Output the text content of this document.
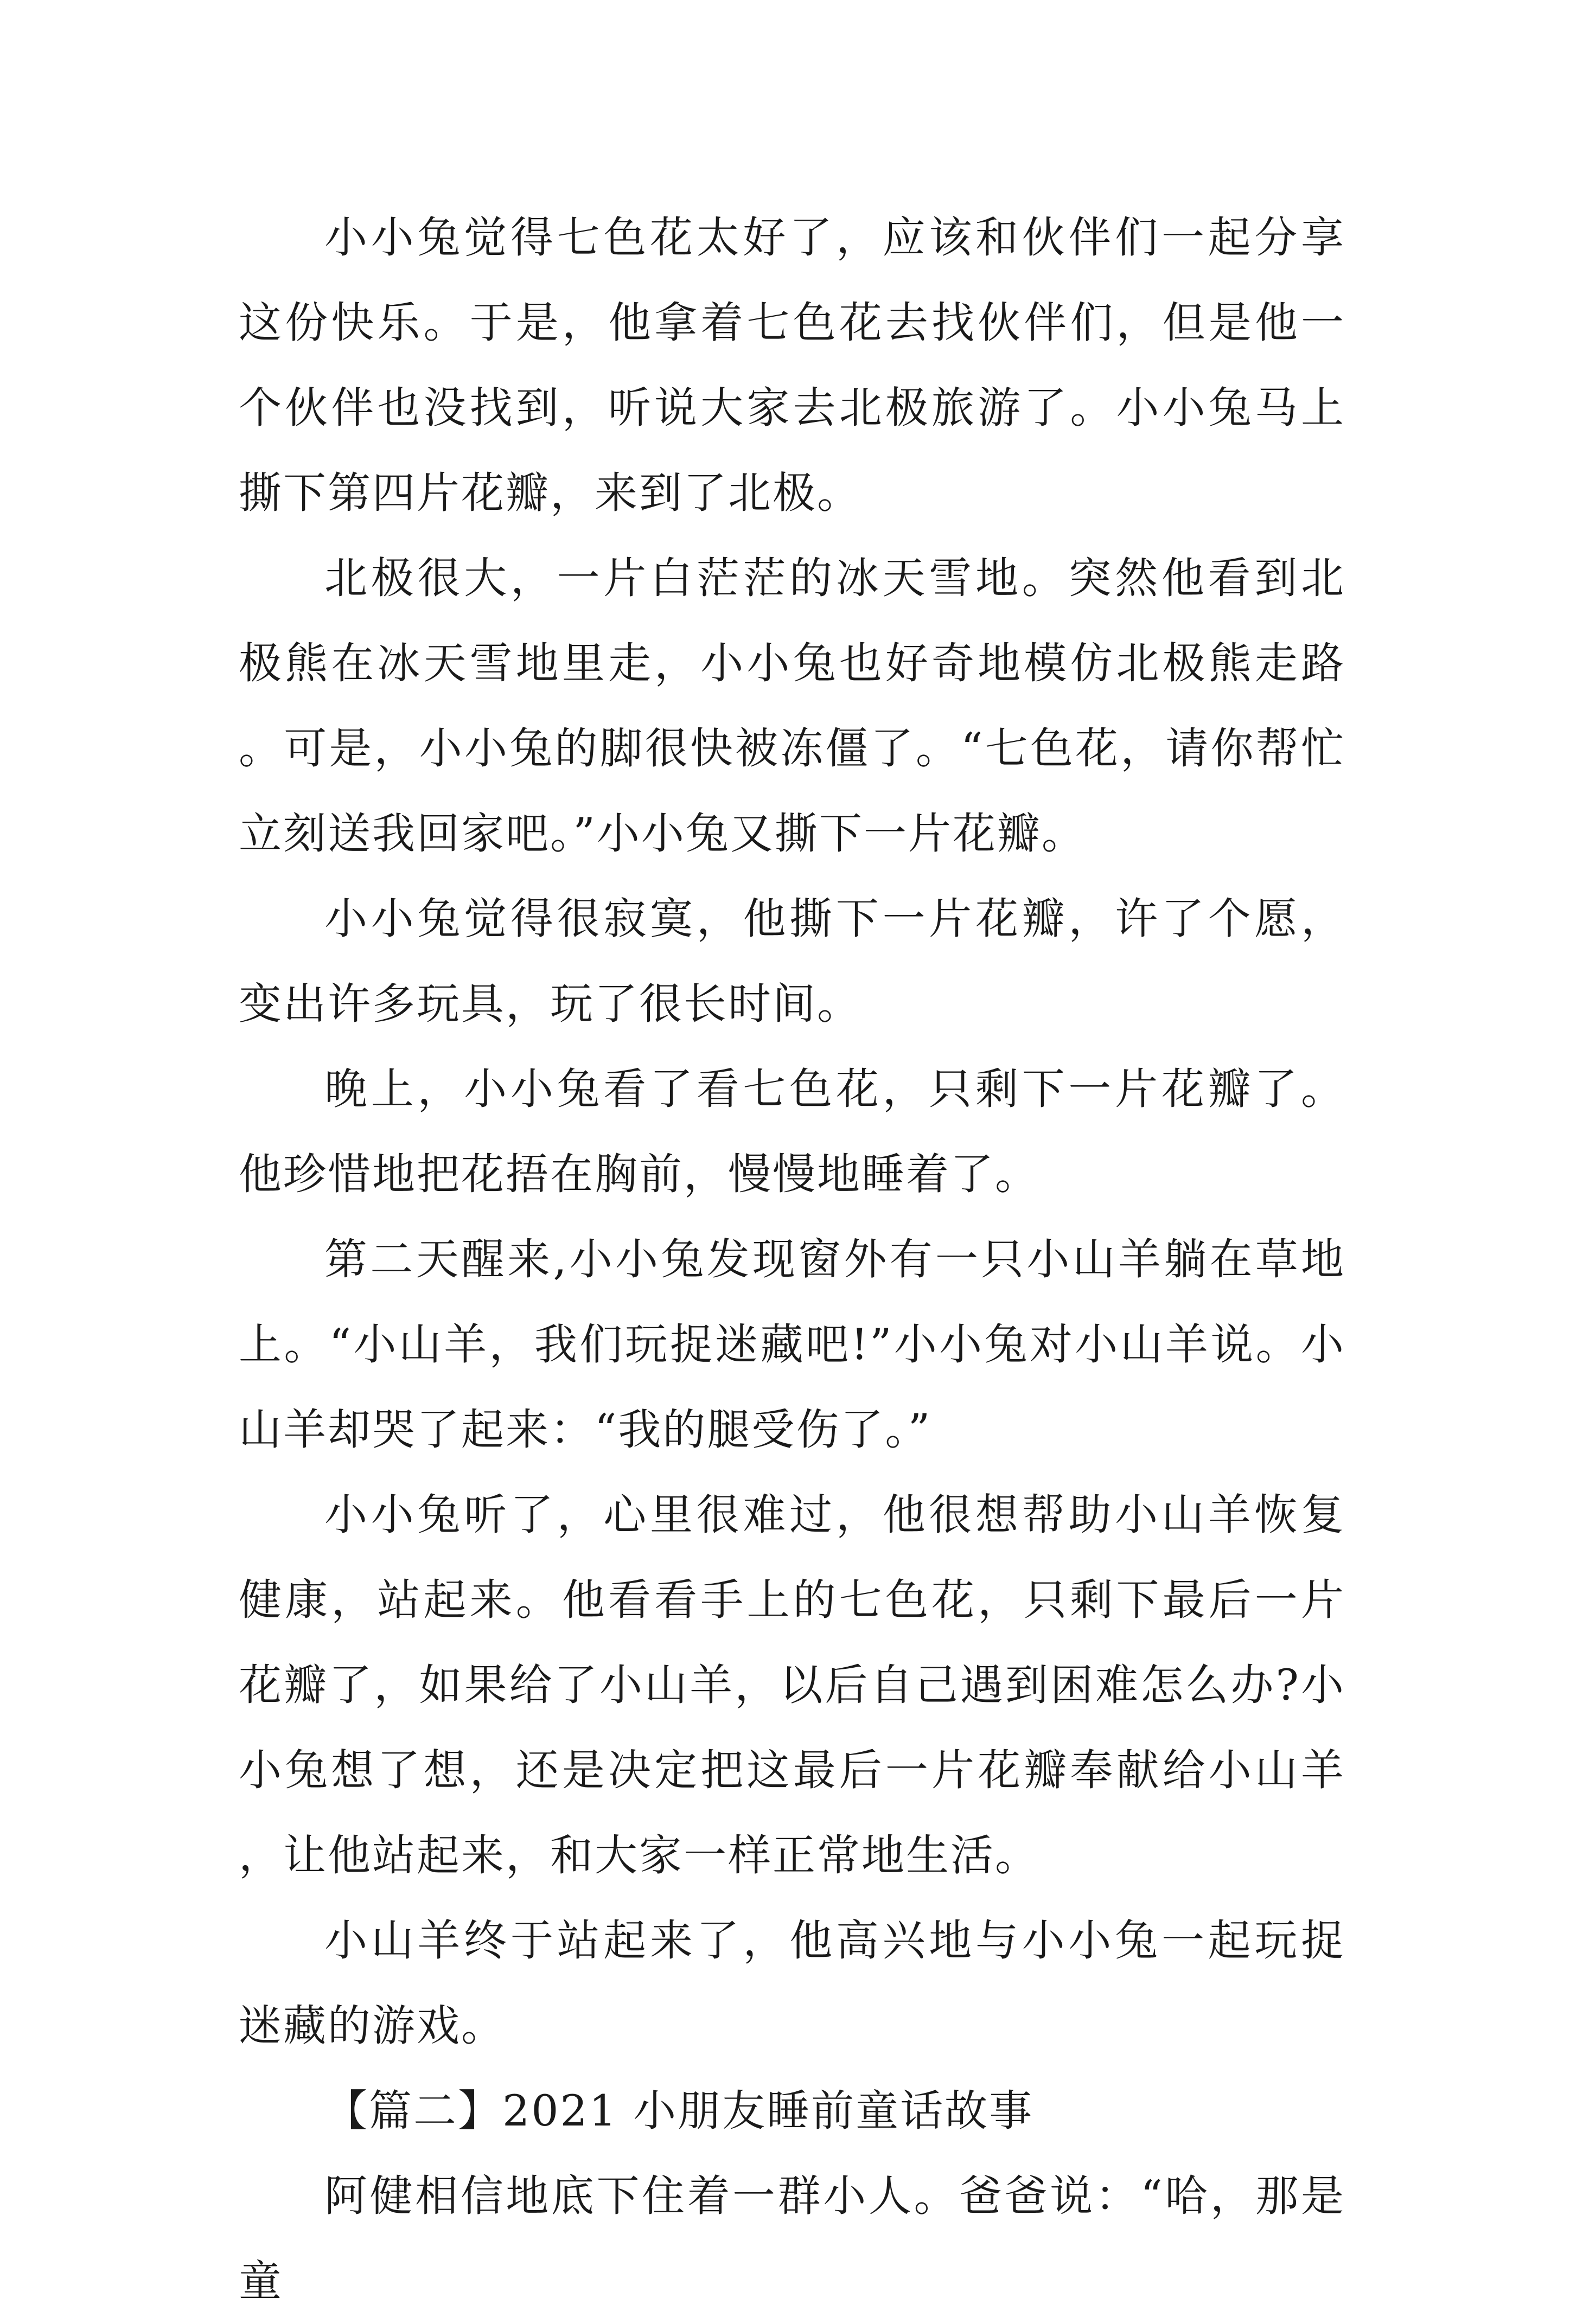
小小兔觉得七色花太好了，应该和伙伴们一起分享这份快乐。于是，他拿着七色花去找伙伴们，但是他一个伙伴也没找到，听说大家去北极旅游了。小小兔马上撕下第四片花瓣，来到了北极。

北极很大，一片白茫茫的冰天雪地。突然他看到北极熊在冰天雪地里走，小小兔也好奇地模仿北极熊走路。可是，小小兔的脚很快被冻僵了。“七色花，请你帮忙立刻送我回家吧。”小小兔又撕下一片花瓣。

小小兔觉得很寂寞，他撕下一片花瓣，许了个愿，变出许多玩具，玩了很长时间。

晚上，小小兔看了看七色花，只剩下一片花瓣了。他珍惜地把花捂在胸前，慢慢地睡着了。

第二天醒来,小小兔发现窗外有一只小山羊躺在草地上。“小山羊，我们玩捉迷藏吧!”小小兔对小山羊说。小山羊却哭了起来：“我的腿受伤了。”

小小兔听了，心里很难过，他很想帮助小山羊恢复健康，站起来。他看看手上的七色花，只剩下最后一片花瓣了，如果给了小山羊，以后自己遇到困难怎么办?小小兔想了想，还是决定把这最后一片花瓣奉献给小山羊，让他站起来，和大家一样正常地生活。

小山羊终于站起来了，他高兴地与小小兔一起玩捉迷藏的游戏。

【篇二】2021 小朋友睡前童话故事

阿健相信地底下住着一群小人。爸爸说：“哈，那是童
